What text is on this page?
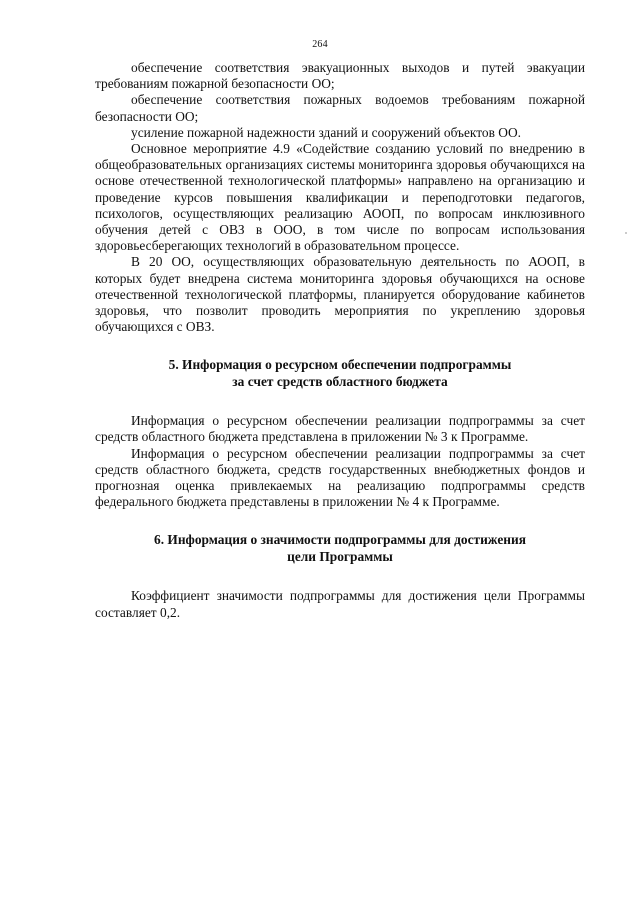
264

обеспечение соответствия эвакуационных выходов и путей эвакуации требованиям пожарной безопасности ОО;

обеспечение соответствия пожарных водоемов требованиям пожарной безопасности ОО;

усиление пожарной надежности зданий и сооружений объектов ОО.

Основное мероприятие 4.9 «Содействие созданию условий по внедрению в общеобразовательных организациях системы мониторинга здоровья обучающихся на основе отечественной технологической платформы» направлено на организацию и проведение курсов повышения квалификации и переподготовки педагогов, психологов, осуществляющих реализацию АООП, по вопросам инклюзивного обучения детей с ОВЗ в ООО, в том числе по вопросам использования здоровьесберегающих технологий в образовательном процессе.

В 20 ОО, осуществляющих образовательную деятельность по АООП, в которых будет внедрена система мониторинга здоровья обучающихся на основе отечественной технологической платформы, планируется оборудование кабинетов здоровья, что позволит проводить мероприятия по укреплению здоровья обучающихся с ОВЗ.

5. Информация о ресурсном обеспечении подпрограммы
за счет средств областного бюджета

Информация о ресурсном обеспечении реализации подпрограммы за счет средств областного бюджета представлена в приложении № 3 к Программе.

Информация о ресурсном обеспечении реализации подпрограммы за счет средств областного бюджета, средств государственных внебюджетных фондов и прогнозная оценка привлекаемых на реализацию подпрограммы средств федерального бюджета представлены в приложении № 4 к Программе.

6. Информация о значимости подпрограммы для достижения
цели Программы

Коэффициент значимости подпрограммы для достижения цели Программы составляет 0,2.
